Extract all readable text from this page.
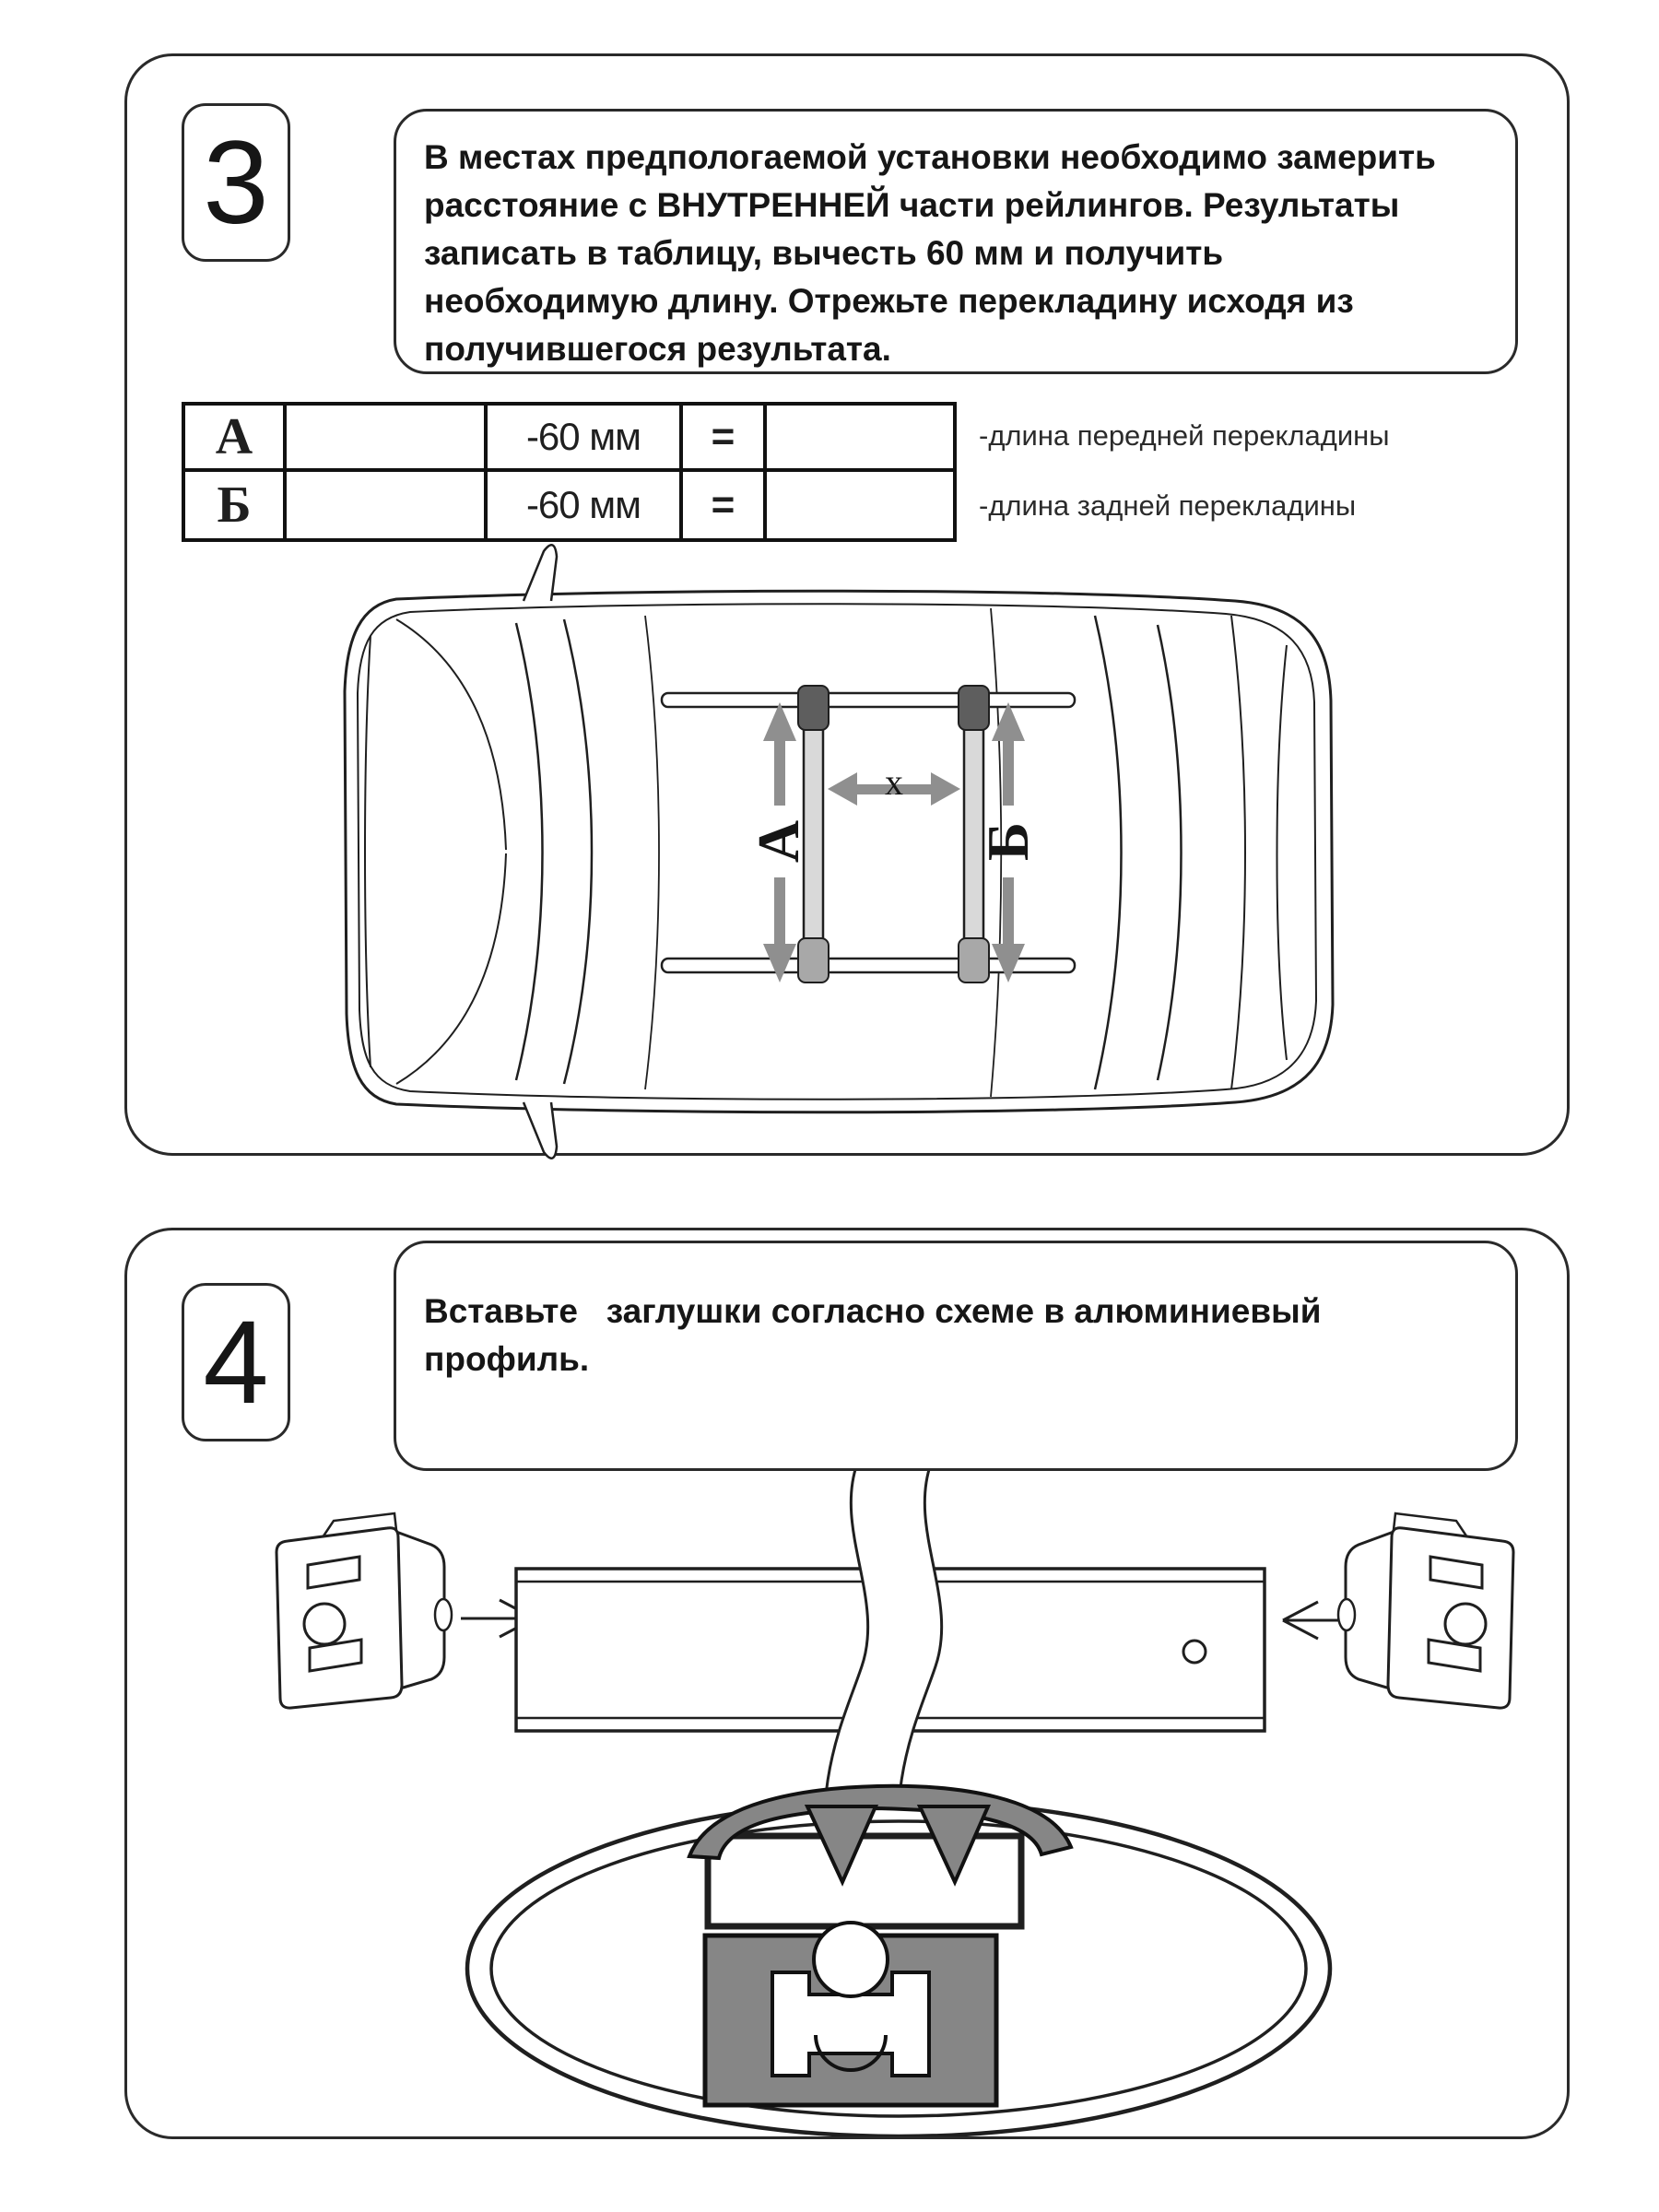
3	В местах предпологаемой установки необходимо замерить
расстояние с ВНУТРЕННЕЙ части рейлингов. Результаты
записать в таблицу, вычесть 60 мм и получить
необходимую длину. Отрежьте перекладину исходя из
получившегося результата.
А	-60 мм =
Б	-60 мм =
-длина передней перекладины
-длина задней перекладины
А	Б
x
4	Вставьте   заглушки согласно схеме в алюминиевый
профиль.
